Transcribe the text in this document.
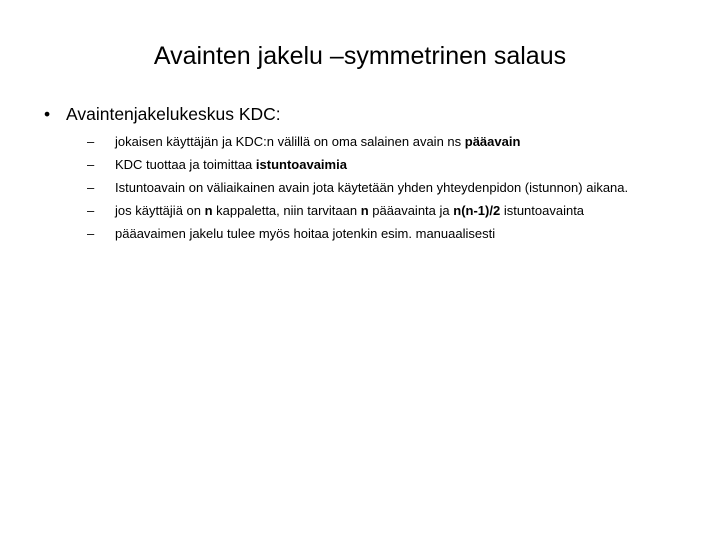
Avainten jakelu –symmetrinen salaus
• Avaintenjakelukeskus KDC:
– jokaisen käyttäjän ja KDC:n välillä on oma salainen avain ns pääavain
– KDC tuottaa ja toimittaa istuntoavaimia
– Istuntoavain on väliaikainen avain jota käytetään yhden yhteydenpidon (istunnon) aikana.
– jos käyttäjiä on n kappaletta, niin tarvitaan n pääavainta ja n(n-1)/2 istuntoavainta
– pääavaimen jakelu tulee myös hoitaa jotenkin esim. manuaalisesti
